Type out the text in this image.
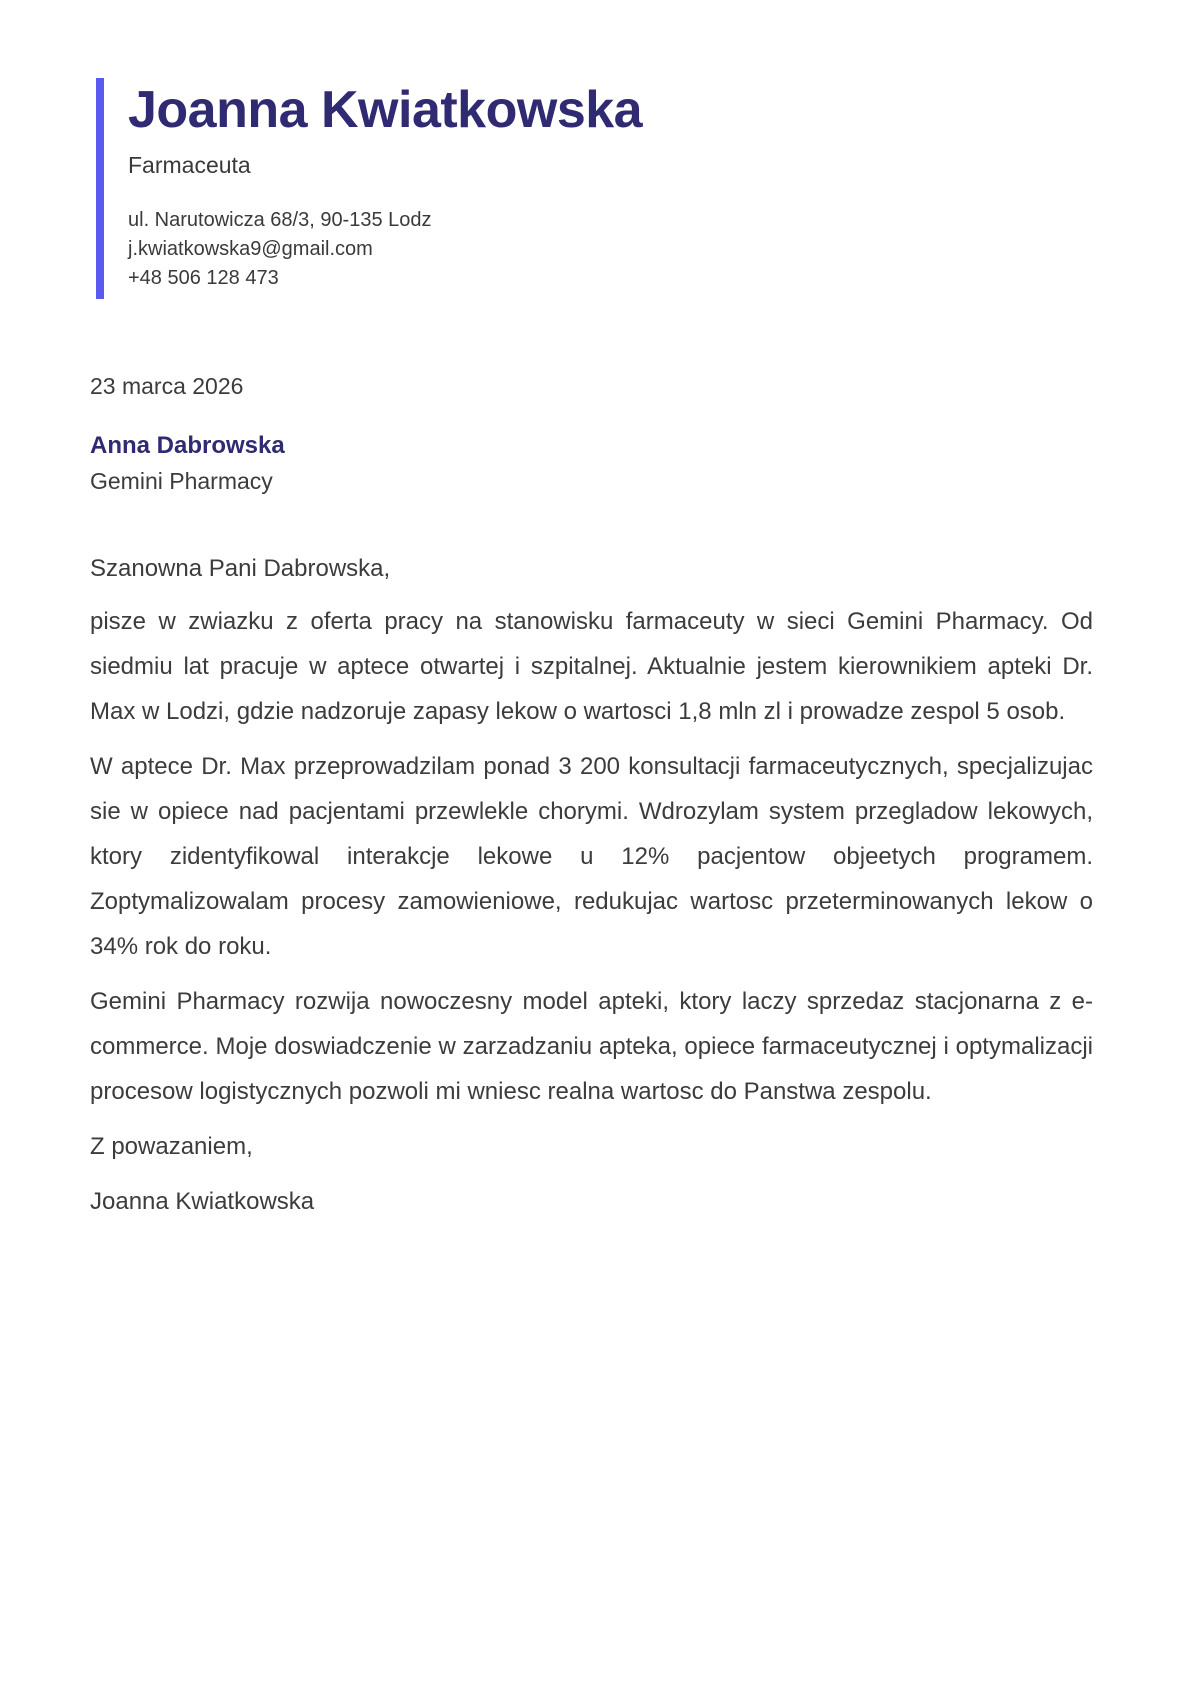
Joanna Kwiatkowska
Farmaceuta
ul. Narutowicza 68/3, 90-135 Lodz
j.kwiatkowska9@gmail.com
+48 506 128 473
23 marca 2026
Anna Dabrowska
Gemini Pharmacy

Szanowna Pani Dabrowska,

pisze w zwiazku z oferta pracy na stanowisku farmaceuty w sieci Gemini Pharmacy. Od siedmiu lat pracuje w aptece otwartej i szpitalnej. Aktualnie jestem kierownikiem apteki Dr. Max w Lodzi, gdzie nadzoruje zapasy lekow o wartosci 1,8 mln zl i prowadze zespol 5 osob.

W aptece Dr. Max przeprowadzilam ponad 3 200 konsultacji farmaceutycznych, specjalizujac sie w opiece nad pacjentami przewlekle chorymi. Wdrozylam system przegladow lekowych, ktory zidentyfikowal interakcje lekowe u 12% pacjentow objeetych programem. Zoptymalizowalam procesy zamowieniowe, redukujac wartosc przeterminowanych lekow o 34% rok do roku.

Gemini Pharmacy rozwija nowoczesny model apteki, ktory laczy sprzedaz stacjonarna z e-commerce. Moje doswiadczenie w zarzadzaniu apteka, opiece farmaceutycznej i optymalizacji procesow logistycznych pozwoli mi wniesc realna wartosc do Panstwa zespolu.

Z powazaniem,

Joanna Kwiatkowska
